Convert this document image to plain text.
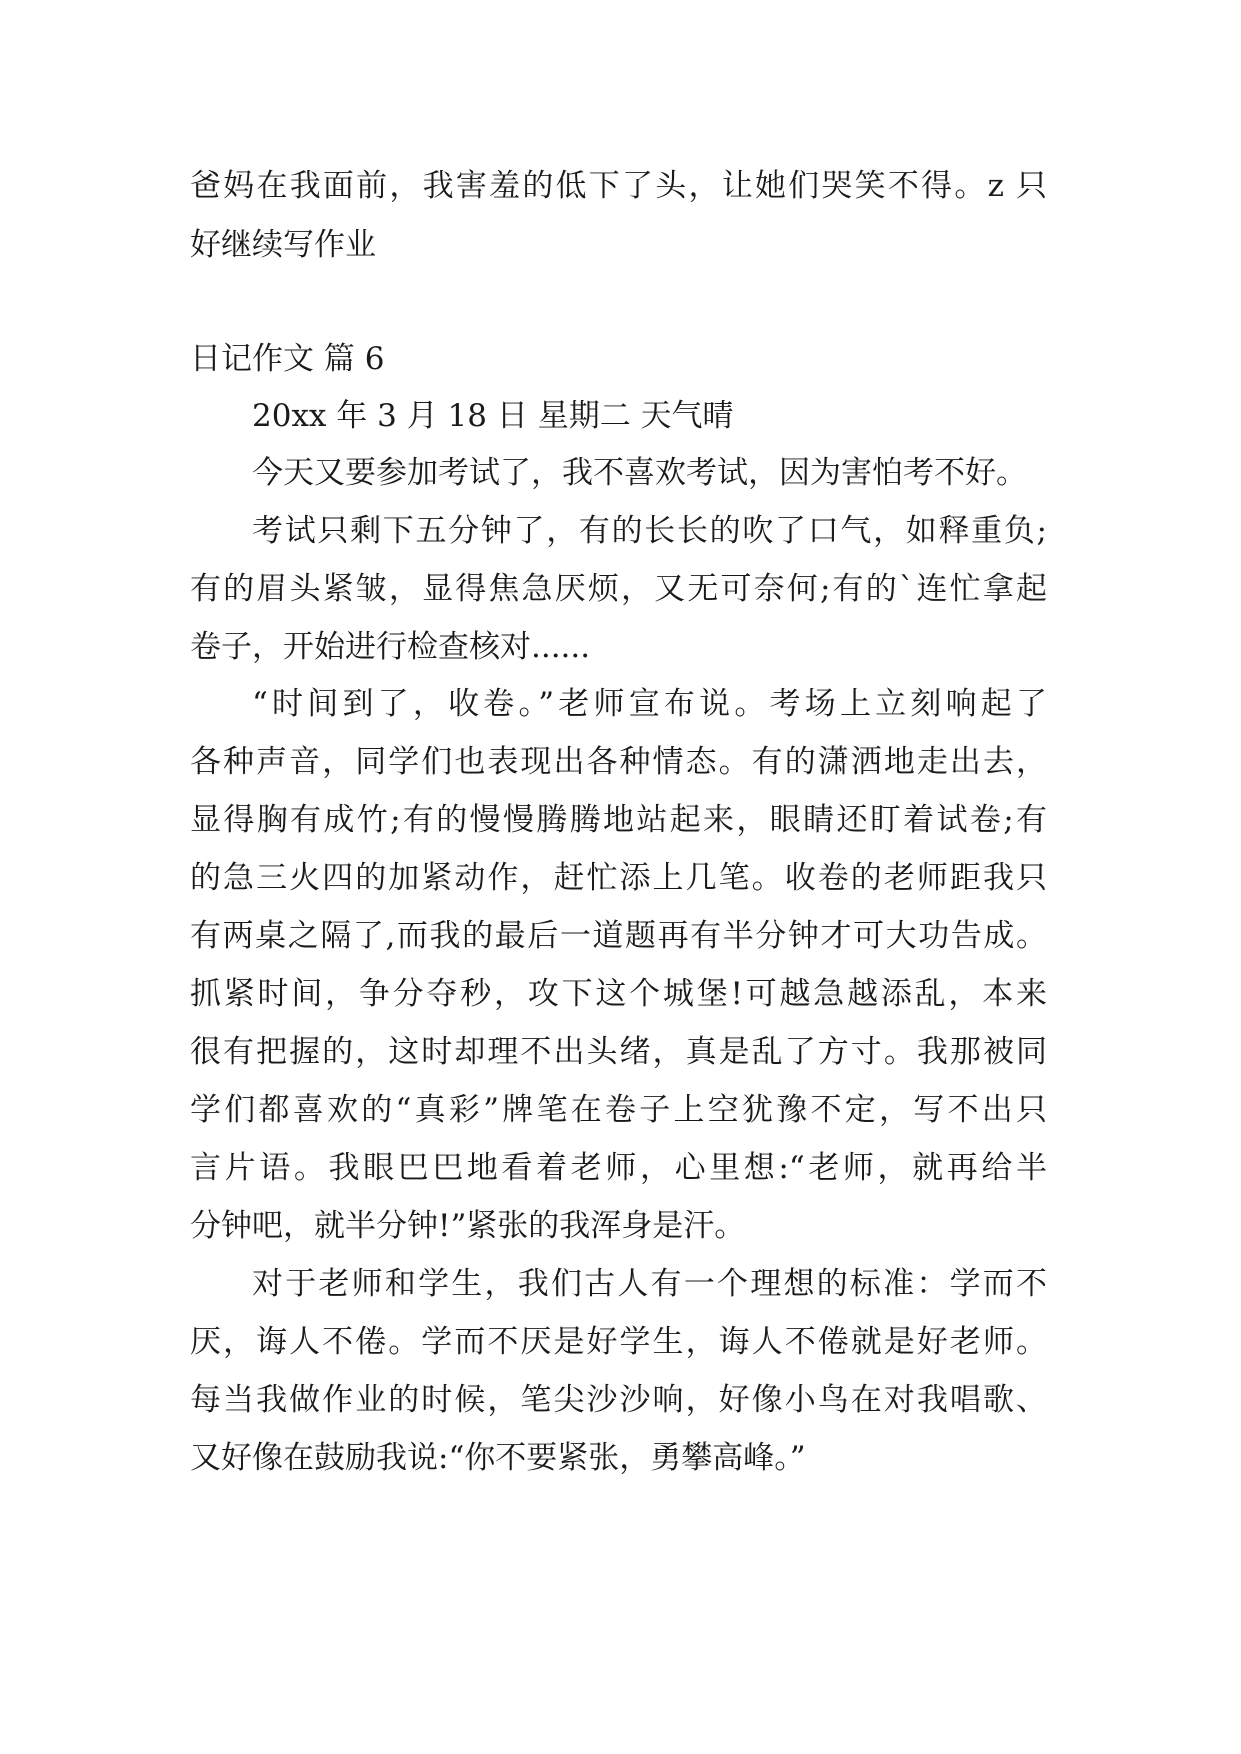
爸妈在我面前，我害羞的低下了头，让她们哭笑不得。z 只
好继续写作业
日记作文 篇 6
20xx 年 3 月 18 日 星期二 天气晴
今天又要参加考试了，我不喜欢考试，因为害怕考不好。
考试只剩下五分钟了，有的长长的吹了口气，如释重负;
有的眉头紧皱，显得焦急厌烦，又无可奈何;有的`连忙拿起
卷子，开始进行检查核对......
“时间到了，收卷。”老师宣布说。考场上立刻响起了
各种声音，同学们也表现出各种情态。有的潇洒地走出去，
显得胸有成竹;有的慢慢腾腾地站起来，眼睛还盯着试卷;有
的急三火四的加紧动作，赶忙添上几笔。收卷的老师距我只
有两桌之隔了,而我的最后一道题再有半分钟才可大功告成。
抓紧时间，争分夺秒，攻下这个城堡!可越急越添乱，本来
很有把握的，这时却理不出头绪，真是乱了方寸。我那被同
学们都喜欢的“真彩”牌笔在卷子上空犹豫不定，写不出只
言片语。我眼巴巴地看着老师，心里想:“老师，就再给半
分钟吧，就半分钟!”紧张的我浑身是汗。
对于老师和学生，我们古人有一个理想的标准：学而不
厌，诲人不倦。学而不厌是好学生，诲人不倦就是好老师。
每当我做作业的时候，笔尖沙沙响，好像小鸟在对我唱歌、
又好像在鼓励我说:“你不要紧张，勇攀高峰。”
